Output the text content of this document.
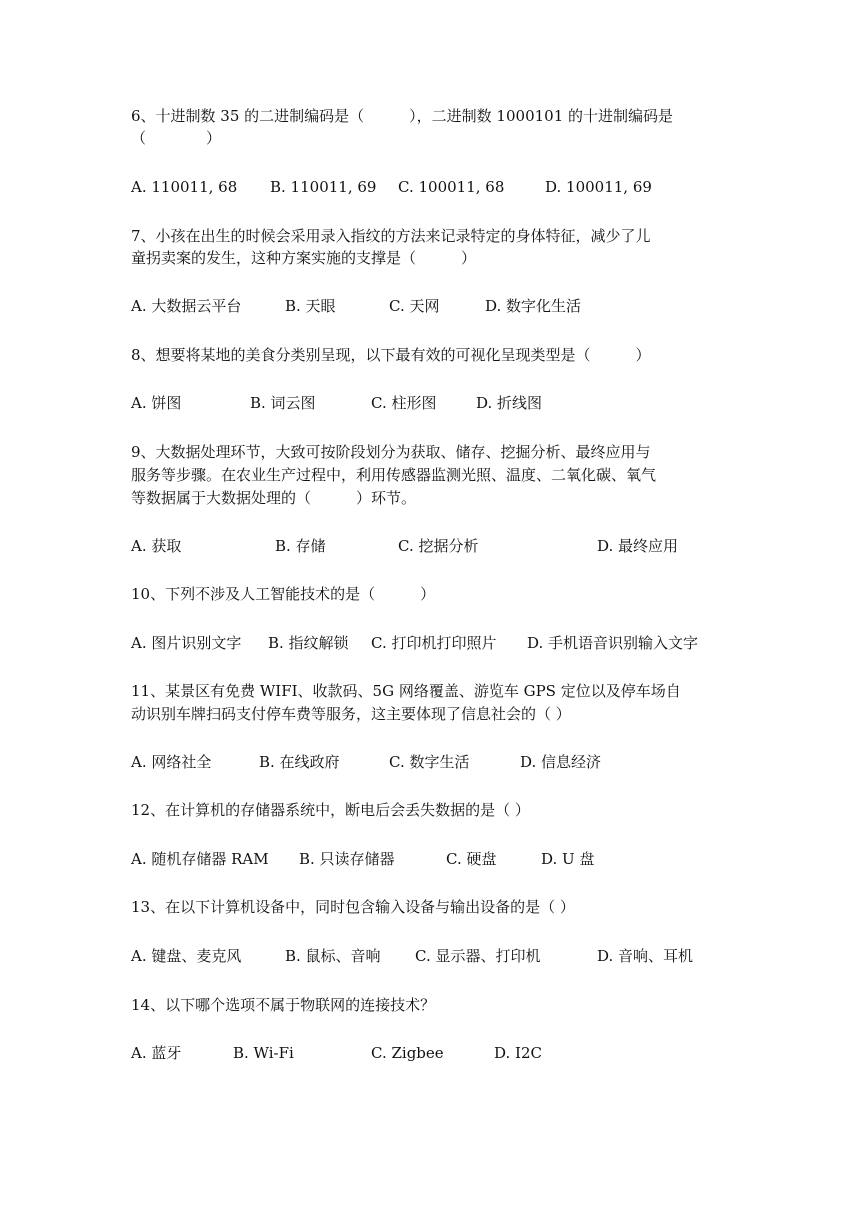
6、十进制数 35 的二进制编码是（　　　），二进制数 1000101 的十进制编码是
（　　　　）
A. 110011, 68 B. 110011, 69 C. 100011, 68	D. 100011, 69
7、小孩在出生的时候会采用录入指纹的方法来记录特定的身体特征，减少了儿
童拐卖案的发生，这种方案实施的支撑是（　　　）
A. 大数据云平台	B. 天眼	C. 天网	D. 数字化生活
8、想要将某地的美食分类别呈现，以下最有效的可视化呈现类型是（　　　）
A. 饼图	B. 词云图	C. 柱形图	D. 折线图
9、大数据处理环节，大致可按阶段划分为获取、储存、挖掘分析、最终应用与
服务等步骤。在农业生产过程中，利用传感器监测光照、温度、二氧化碳、氧气
等数据属于大数据处理的（　　　）环节。
A. 获取	B. 存储	C. 挖据分析	D. 最终应用
10、下列不涉及人工智能技术的是（　　　）
A. 图片识别文字 B. 指纹解锁 C. 打印机打印照片 D. 手机语音识别输入文字
11、某景区有免费 WIFI、收款码、5G 网络覆盖、游览车 GPS 定位以及停车场自
动识别车牌扫码支付停车费等服务，这主要体现了信息社会的（ ）
A. 网络社全	B. 在线政府	C. 数字生活	D. 信息经济
12、在计算机的存储器系统中，断电后会丢失数据的是（ ）
A. 随机存储器 RAM B. 只读存储器	C. 硬盘	D. U 盘
13、在以下计算机设备中，同时包含输入设备与输出设备的是（ ）
A. 键盘、麦克风	B. 鼠标、音响 C. 显示器、打印机	D. 音响、耳机
14、以下哪个选项不属于物联网的连接技术？
A. 蓝牙	B. Wi-Fi	C. Zigbee	D. I2C
